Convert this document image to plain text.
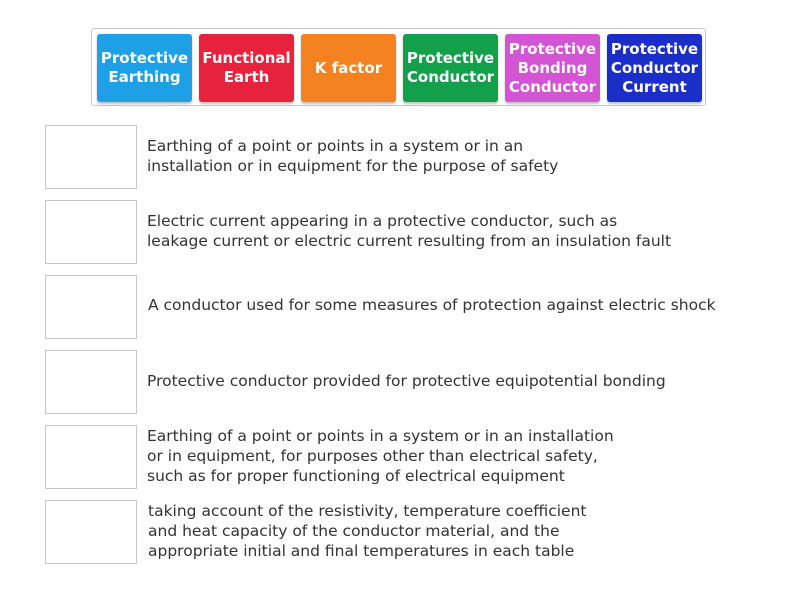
Protective
Earthing
Functional
Earth
K factor
Protective
Conductor
Protective
Bonding
Conductor
Protective
Conductor
Current
Earthing of a point or points in a system or in an
installation or in equipment for the purpose of safety
Electric current appearing in a protective conductor, such as
leakage current or electric current resulting from an insulation fault
A conductor used for some measures of protection against electric shock
Protective conductor provided for protective equipotential bonding
Earthing of a point or points in a system or in an installation
or in equipment, for purposes other than electrical safety,
such as for proper functioning of electrical equipment
taking account of the resistivity, temperature coefficient
and heat capacity of the conductor material, and the
appropriate initial and final temperatures in each table
